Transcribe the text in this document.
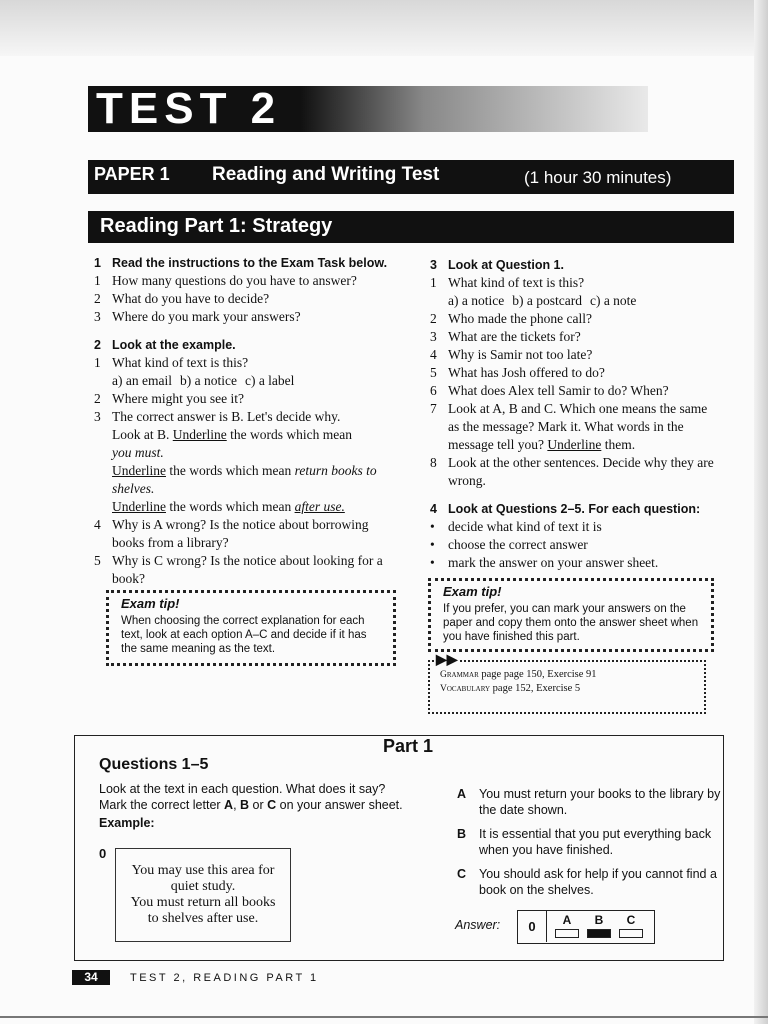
TEST 2
PAPER 1 Reading and Writing Test	(1 hour 30 minutes)
Reading Part 1: Strategy
1 Read the instructions to the Exam Task below.
1 How many questions do you have to answer?
2 What do you have to decide?
3 Where do you mark your answers?
2 Look at the example.
1 What kind of text is this?
a) an email b) a notice c) a label
2 Where might you see it?
3 The correct answer is B. Let's decide why.
Look at B. Underline the words which mean
you must.
Underline the words which mean return books to shelves.
Underline the words which mean after use.
4 Why is A wrong? Is the notice about borrowing books from a library?
5 Why is C wrong? Is the notice about looking for a book?
Exam tip!
When choosing the correct explanation for each text, look at each option A–C and decide if it has the same meaning as the text.
3 Look at Question 1.
1 What kind of text is this?
a) a notice b) a postcard c) a note
2 Who made the phone call?
3 What are the tickets for?
4 Why is Samir not too late?
5 What has Josh offered to do?
6 What does Alex tell Samir to do? When?
7 Look at A, B and C. Which one means the same as the message? Mark it. What words in the message tell you? Underline them.
8 Look at the other sentences. Decide why they are wrong.
4 Look at Questions 2–5. For each question:
• decide what kind of text it is
• choose the correct answer
• mark the answer on your answer sheet.
Exam tip!
If you prefer, you can mark your answers on the paper and copy them onto the answer sheet when you have finished this part.
▶▶
Grammar page page 150, Exercise 91
Vocabulary page 152, Exercise 5
Part 1
Questions 1–5
Look at the text in each question. What does it say?
Mark the correct letter A, B or C on your answer sheet.
Example:
0
You may use this area for
quiet study.
You must return all books
to shelves after use.
A	You must return your books to the library by the date shown.
B	It is essential that you put everything back when you have finished.
C	You should ask for help if you cannot find a book on the shelves.
Answer:	0	A	B	C
34	TEST 2, READING PART 1
